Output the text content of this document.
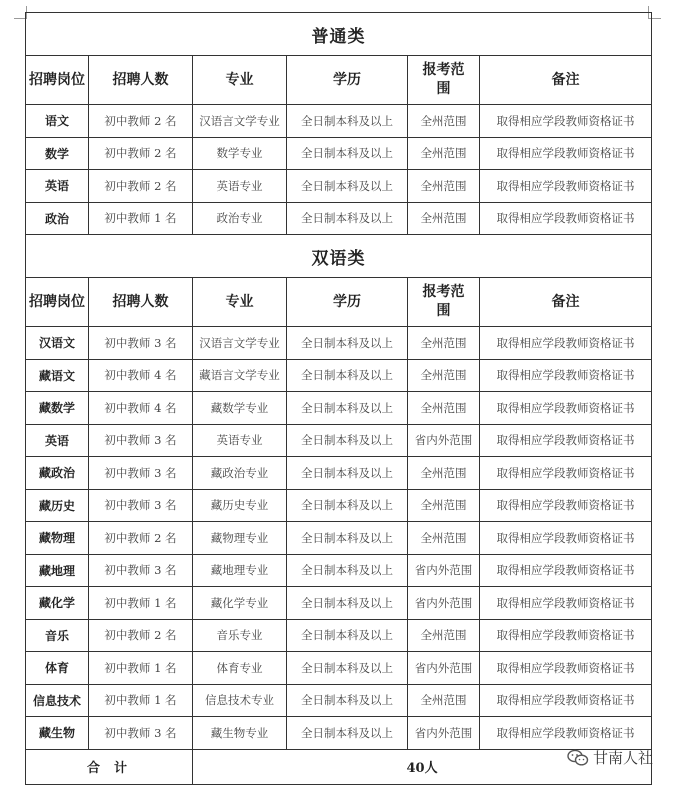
普通类					
招聘岗位	招聘人数	专业	学历	报考范围	备注
语文	初中教师 2 名	汉语言文学专业	全日制本科及以上	全州范围	取得相应学段教师资格证书
数学	初中教师 2 名	数学专业	全日制本科及以上	全州范围	取得相应学段教师资格证书
英语	初中教师 2 名	英语专业	全日制本科及以上	全州范围	取得相应学段教师资格证书
政治	初中教师 1 名	政治专业	全日制本科及以上	全州范围	取得相应学段教师资格证书
双语类					
招聘岗位	招聘人数	专业	学历	报考范围	备注
汉语文	初中教师 3 名	汉语言文学专业	全日制本科及以上	全州范围	取得相应学段教师资格证书
藏语文	初中教师 4 名	藏语言文学专业	全日制本科及以上	全州范围	取得相应学段教师资格证书
藏数学	初中教师 4 名	藏数学专业	全日制本科及以上	全州范围	取得相应学段教师资格证书
英语	初中教师 3 名	英语专业	全日制本科及以上	省内外范围	取得相应学段教师资格证书
藏政治	初中教师 3 名	藏政治专业	全日制本科及以上	全州范围	取得相应学段教师资格证书
藏历史	初中教师 3 名	藏历史专业	全日制本科及以上	全州范围	取得相应学段教师资格证书
藏物理	初中教师 2 名	藏物理专业	全日制本科及以上	全州范围	取得相应学段教师资格证书
藏地理	初中教师 3 名	藏地理专业	全日制本科及以上	省内外范围	取得相应学段教师资格证书
藏化学	初中教师 1 名	藏化学专业	全日制本科及以上	省内外范围	取得相应学段教师资格证书
音乐	初中教师 2 名	音乐专业	全日制本科及以上	全州范围	取得相应学段教师资格证书
体育	初中教师 1 名	体育专业	全日制本科及以上	省内外范围	取得相应学段教师资格证书
信息技术	初中教师 1 名	信息技术专业	全日制本科及以上	全州范围	取得相应学段教师资格证书
藏生物	初中教师 3 名	藏生物专业	全日制本科及以上	省内外范围	取得相应学段教师资格证书
合计		40人			
甘南人社
